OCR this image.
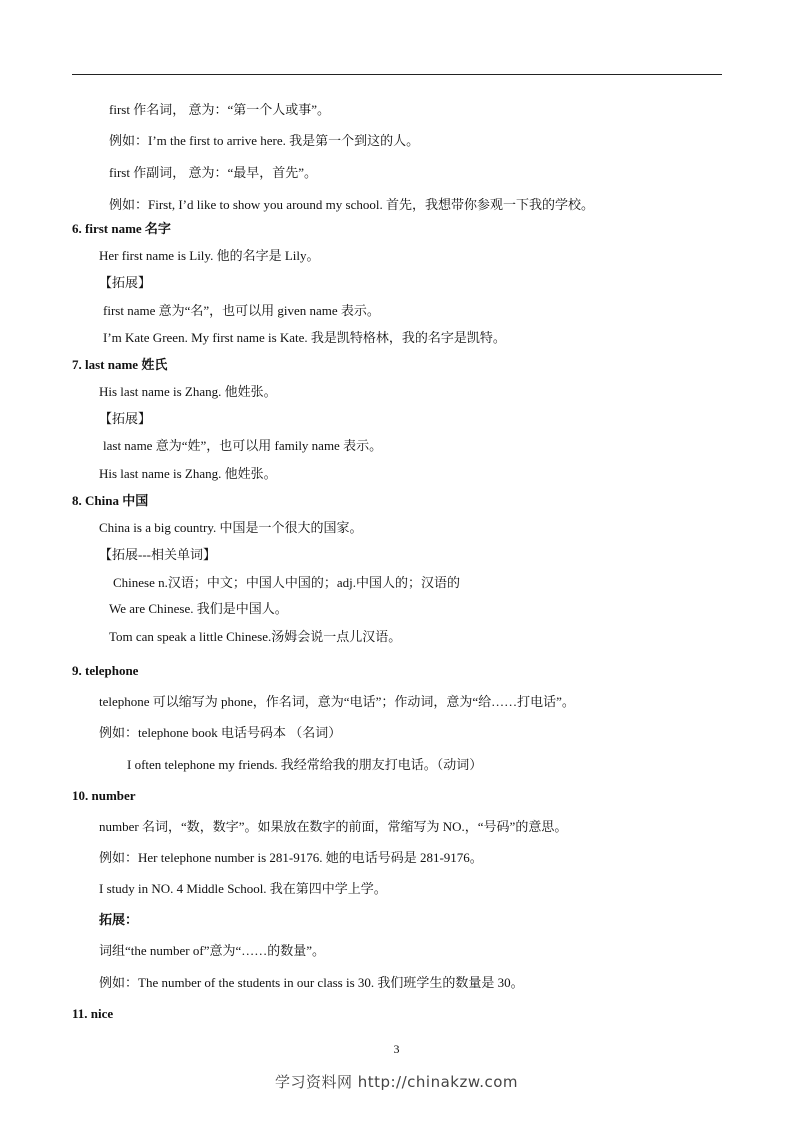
first 作名词， 意为：“第一个人或事”。
例如：I’m the first to arrive here. 我是第一个到这的人。
first 作副词， 意为：“最早，首先”。
例如：First, I’d like to show you around my school. 首先，我想带你参观一下我的学校。
6. first name 名字
Her first name is Lily. 他的名字是 Lily。
【拓展】
first name 意为“名”，也可以用 given name 表示。
I’m Kate Green. My first name is Kate. 我是凯特格林，我的名字是凯特。
7. last name 姓氏
His last name is Zhang. 他姓张。
【拓展】
last name 意为“姓”，也可以用 family name 表示。
His last name is Zhang. 他姓张。
8. China 中国
China is a big country. 中国是一个很大的国家。
【拓展---相关单词】
Chinese n.汉语；中文；中国人中国的；adj.中国人的；汉语的
We are Chinese. 我们是中国人。
Tom can speak a little Chinese.汤姆会说一点儿汉语。
9. telephone
telephone 可以缩写为 phone，作名词，意为“电话”；作动词，意为“给……打电话”。
例如：telephone book 电话号码本 （名词）
I often telephone my friends. 我经常给我的朋友打电话。（动词）
10. number
number 名词，“数，数字”。如果放在数字的前面，常缩写为 NO.，“号码”的意思。
例如：Her telephone number is 281-9176. 她的电话号码是 281-9176。
I study in NO. 4 Middle School. 我在第四中学上学。
拓展：
词组“the number of”意为“……的数量”。
例如：The number of the students in our class is 30. 我们班学生的数量是 30。
11. nice
3
学习资料网 http://chinakzw.com
